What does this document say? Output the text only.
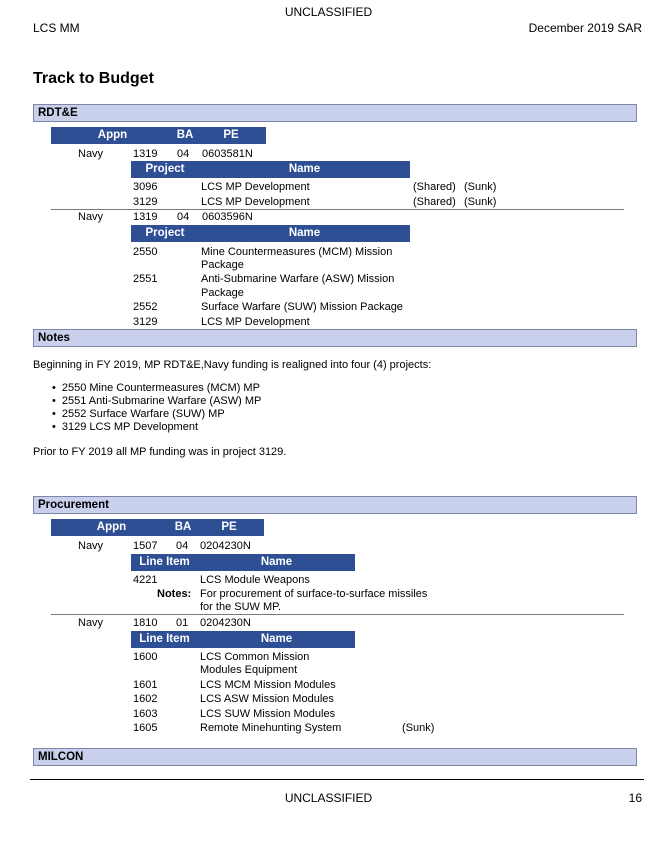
UNCLASSIFIED
LCS MM	December 2019 SAR
Track to Budget
RDT&E
Appn	BA	PE
Navy	1319 04 0603581N
Project	Name
3096	LCS MP Development	(Shared) (Sunk)
3129	LCS MP Development	(Shared) (Sunk)
Navy	1319 04 0603596N
Project	Name
2550	Mine Countermeasures (MCM) Mission
Package
2551	Anti-Submarine Warfare (ASW) Mission
Package
2552	Surface Warfare (SUW) Mission Package
3129	LCS MP Development
Notes
Beginning in FY 2019, MP RDT&E,Navy funding is realigned into four (4) projects:
• 2550 Mine Countermeasures (MCM) MP
• 2551 Anti-Submarine Warfare (ASW) MP
• 2552 Surface Warfare (SUW) MP
• 3129 LCS MP Development
Prior to FY 2019 all MP funding was in project 3129.
Procurement
Appn	BA	PE
Navy	1507 04 0204230N
Line Item	Name
4221	LCS Module Weapons
Notes: For procurement of surface-to-surface missiles
for the SUW MP.
Navy	1810 01 0204230N
Line Item	Name
1600	LCS Common Mission
Modules Equipment
1601	LCS MCM Mission Modules
1602	LCS ASW Mission Modules
1603	LCS SUW Mission Modules
1605	Remote Minehunting System	(Sunk)
MILCON
UNCLASSIFIED	16
